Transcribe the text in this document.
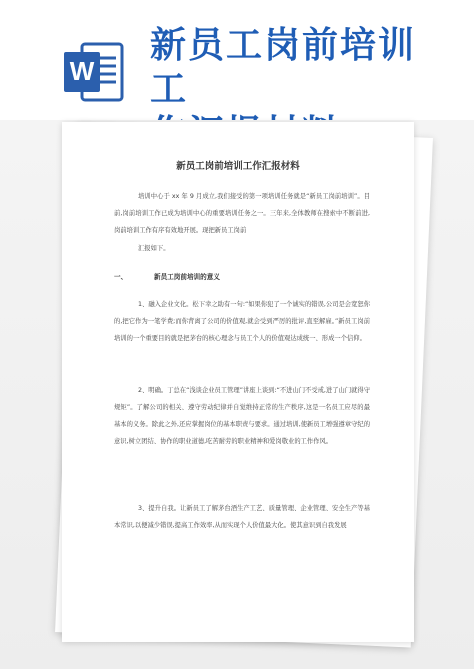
W
新员工岗前培训工
新员工岗前培训工作汇报材料
培训中心于 xx 年 9 月成立,我们接受的第一项培训任务就是“新员工岗前培训”。目前,岗前培训工作已成为培训中心的重要培训任务之一。三年来,全体教师在搜索中不断前进,岗前培训工作有序有效地开展。现把新员工岗前
汇报如下。
一、	新员工岗前培训的意义
1、融入企业文化。松下幸之助有一句:“如果你犯了一个诚实的错误,公司是会宽恕你的,把它作为一笔学费;而你背离了公司的价值观,就会受到严厉的批评,直至解雇。”新员工岗前培训的一个重要目的就是把茅台的核心理念与员工个人的价值观达成统一、形成一个信仰。
2、明确。丁总在“浅谈企业员工管理”讲座上谈到:“不进山门不受戒,进了山门就得守规矩”。了解公司的相关、遵守劳动纪律并自觉维持正常的生产秩序,这是一名员工应尽的最基本的义务。除此之外,还应掌握岗位的基本职责与要求。通过培训,使新员工增强遵章守纪的意识,树立团结、协作的职业道德,吃苦耐劳的职业精神和爱岗敬业的工作作风。
3、提升自我。让新员工了解茅台酒生产工艺、质量管理、企业管理、安全生产等基本常识,以便减少错误,提高工作效率,从而实现个人价值最大化。使其意识到自我发展
